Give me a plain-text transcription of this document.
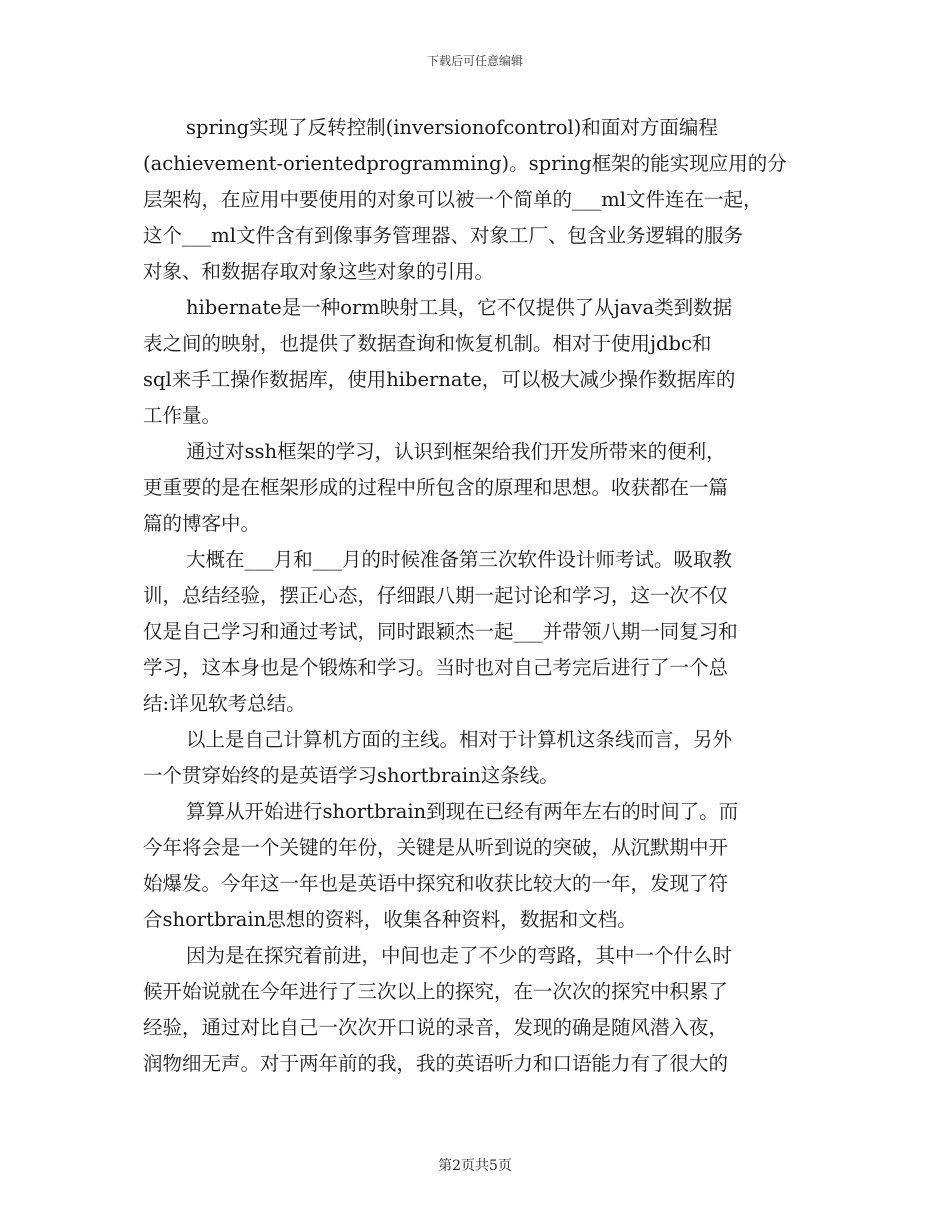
下载后可任意编辑
spring实现了反转控制(inversionofcontrol)和面对方面编程
(achievement-orientedprogramming)。spring框架的能实现应用的分
层架构，在应用中要使用的对象可以被一个简单的___ml文件连在一起，
这个___ml文件含有到像事务管理器、对象工厂、包含业务逻辑的服务
对象、和数据存取对象这些对象的引用。
hibernate是一种orm映射工具，它不仅提供了从java类到数据
表之间的映射，也提供了数据查询和恢复机制。相对于使用jdbc和
sql来手工操作数据库，使用hibernate，可以极大减少操作数据库的
工作量。
通过对ssh框架的学习，认识到框架给我们开发所带来的便利，
更重要的是在框架形成的过程中所包含的原理和思想。收获都在一篇
篇的博客中。
大概在___月和___月的时候准备第三次软件设计师考试。吸取教
训，总结经验，摆正心态，仔细跟八期一起讨论和学习，这一次不仅
仅是自己学习和通过考试，同时跟颖杰一起___并带领八期一同复习和
学习，这本身也是个锻炼和学习。当时也对自己考完后进行了一个总
结:详见软考总结。
以上是自己计算机方面的主线。相对于计算机这条线而言，另外
一个贯穿始终的是英语学习shortbrain这条线。
算算从开始进行shortbrain到现在已经有两年左右的时间了。而
今年将会是一个关键的年份，关键是从听到说的突破，从沉默期中开
始爆发。今年这一年也是英语中探究和收获比较大的一年，发现了符
合shortbrain思想的资料，收集各种资料，数据和文档。
因为是在探究着前进，中间也走了不少的弯路，其中一个什么时
候开始说就在今年进行了三次以上的探究，在一次次的探究中积累了
经验，通过对比自己一次次开口说的录音，发现的确是随风潜入夜，
润物细无声。对于两年前的我，我的英语听力和口语能力有了很大的
第2页共5页
